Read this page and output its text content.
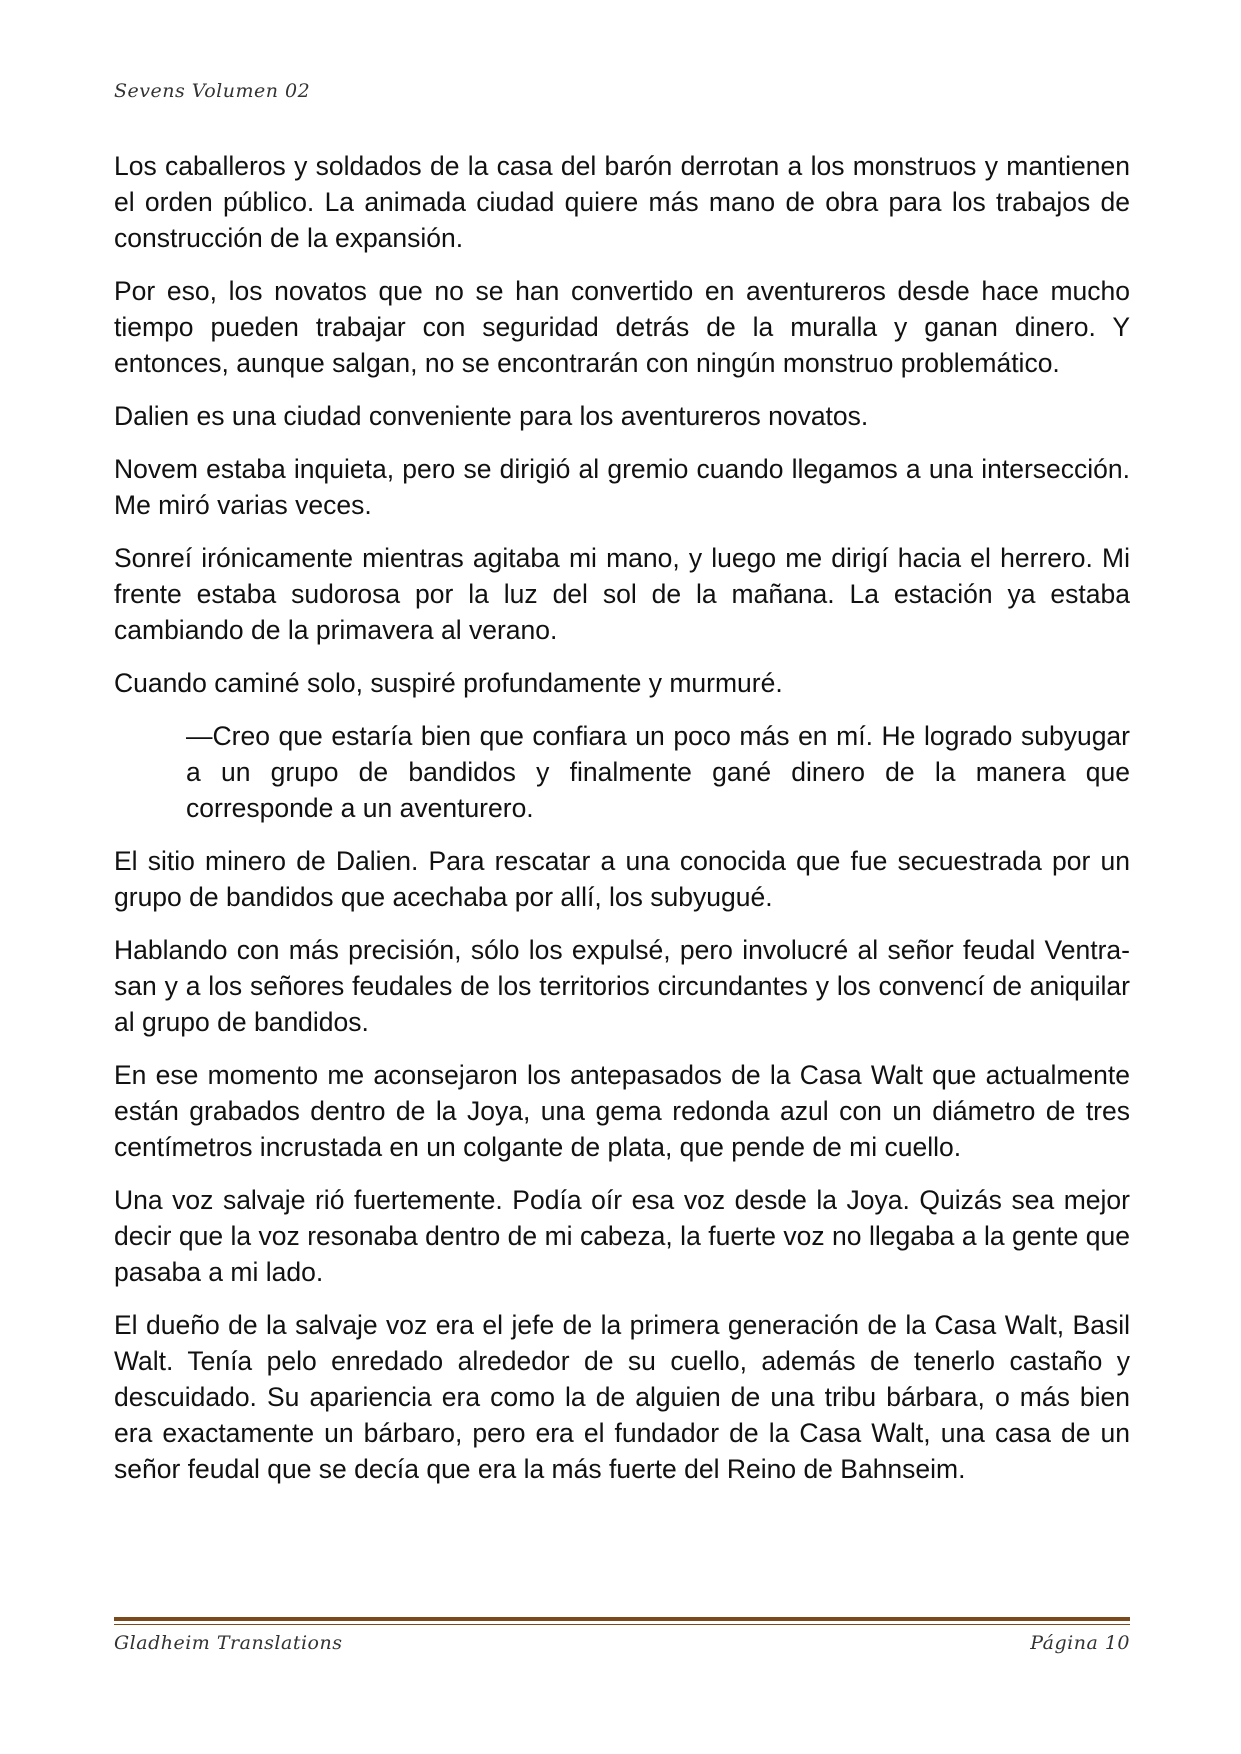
Sevens Volumen 02

Los caballeros y soldados de la casa del barón derrotan a los monstruos y mantienen el orden público. La animada ciudad quiere más mano de obra para los trabajos de construcción de la expansión.

Por eso, los novatos que no se han convertido en aventureros desde hace mucho tiempo pueden trabajar con seguridad detrás de la muralla y ganan dinero. Y entonces, aunque salgan, no se encontrarán con ningún monstruo problemático.

Dalien es una ciudad conveniente para los aventureros novatos.

Novem estaba inquieta, pero se dirigió al gremio cuando llegamos a una intersección. Me miró varias veces.

Sonreí irónicamente mientras agitaba mi mano, y luego me dirigí hacia el herrero. Mi frente estaba sudorosa por la luz del sol de la mañana. La estación ya estaba cambiando de la primavera al verano.

Cuando caminé solo, suspiré profundamente y murmuré.

—Creo que estaría bien que confiara un poco más en mí. He logrado subyugar a un grupo de bandidos y finalmente gané dinero de la manera que corresponde a un aventurero.

El sitio minero de Dalien. Para rescatar a una conocida que fue secuestrada por un grupo de bandidos que acechaba por allí, los subyugué.

Hablando con más precisión, sólo los expulsé, pero involucré al señor feudal Ventra-san y a los señores feudales de los territorios circundantes y los convencí de aniquilar al grupo de bandidos.

En ese momento me aconsejaron los antepasados de la Casa Walt que actualmente están grabados dentro de la Joya, una gema redonda azul con un diámetro de tres centímetros incrustada en un colgante de plata, que pende de mi cuello.

Una voz salvaje rió fuertemente. Podía oír esa voz desde la Joya. Quizás sea mejor decir que la voz resonaba dentro de mi cabeza, la fuerte voz no llegaba a la gente que pasaba a mi lado.

El dueño de la salvaje voz era el jefe de la primera generación de la Casa Walt, Basil Walt. Tenía pelo enredado alrededor de su cuello, además de tenerlo castaño y descuidado. Su apariencia era como la de alguien de una tribu bárbara, o más bien era exactamente un bárbaro, pero era el fundador de la Casa Walt, una casa de un señor feudal que se decía que era la más fuerte del Reino de Bahnseim.

Gladheim Translations	Página 10
